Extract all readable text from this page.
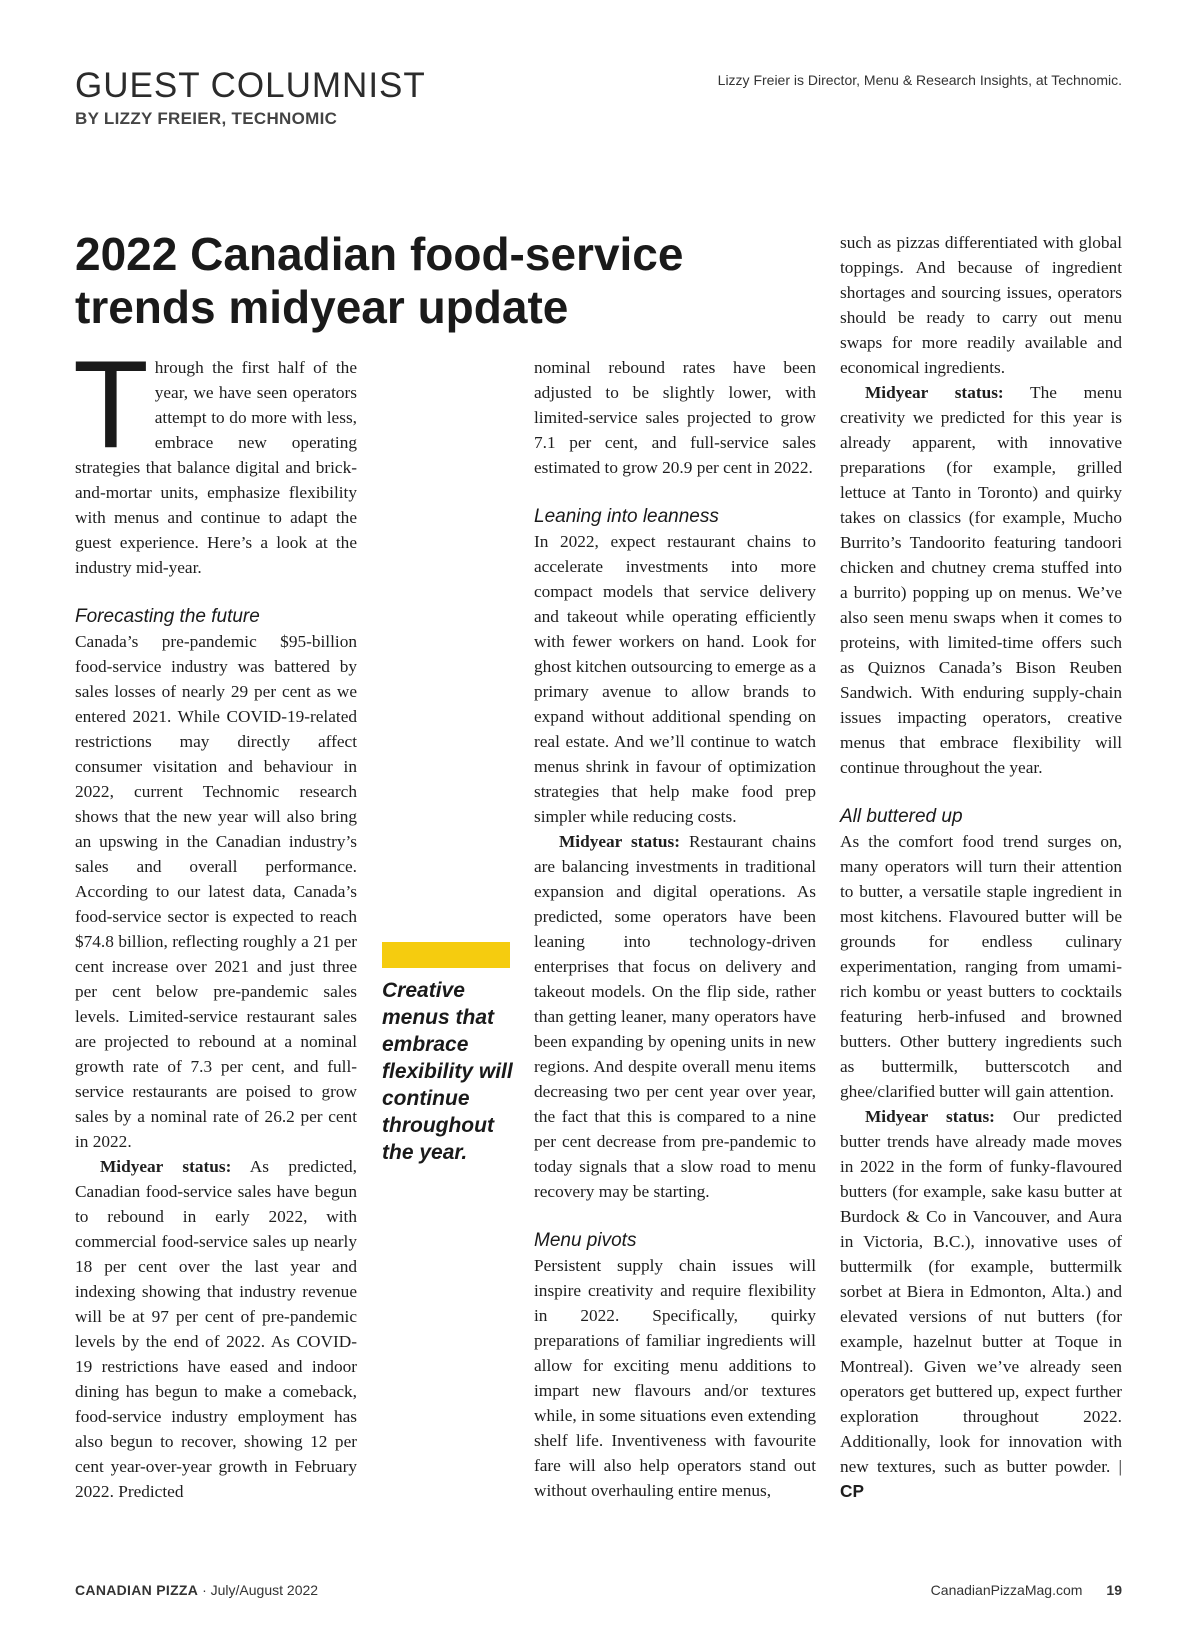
GUEST COLUMNIST
BY LIZZY FREIER, TECHNOMIC
Lizzy Freier is Director, Menu & Research Insights, at Technomic.
2022 Canadian food-service trends midyear update

Through the first half of the year, we have seen operators attempt to do more with less, embrace new operating strategies that balance digital and brick-and-mortar units, emphasize flexibility with menus and continue to adapt the guest experience. Here’s a look at the industry mid-year.

Forecasting the future

Canada’s pre-pandemic $95-billion food-service industry was battered by sales losses of nearly 29 per cent as we entered 2021. While COVID-19-related restrictions may directly affect consumer visitation and behaviour in 2022, current Technomic research shows that the new year will also bring an upswing in the Canadian industry’s sales and overall performance. According to our latest data, Canada’s food-service sector is expected to reach $74.8 billion, reflecting roughly a 21 per cent increase over 2021 and just three per cent below pre-pandemic sales levels. Limited-service restaurant sales are projected to rebound at a nominal growth rate of 7.3 per cent, and full-service restaurants are poised to grow sales by a nominal rate of 26.2 per cent in 2022.

Midyear status: As predicted, Canadian food-service sales have begun to rebound in early 2022, with commercial food-service sales up nearly 18 per cent over the last year and indexing showing that industry revenue will be at 97 per cent of pre-pandemic levels by the end of 2022. As COVID-19 restrictions have eased and indoor dining has begun to make a comeback, food-service industry employment has also begun to recover, showing 12 per cent year-over-year growth in February 2022. Predicted

Creative menus that embrace flexibility will continue throughout the year.

nominal rebound rates have been adjusted to be slightly lower, with limited-service sales projected to grow 7.1 per cent, and full-service sales estimated to grow 20.9 per cent in 2022.

Leaning into leanness

In 2022, expect restaurant chains to accelerate investments into more compact models that service delivery and takeout while operating efficiently with fewer workers on hand. Look for ghost kitchen outsourcing to emerge as a primary avenue to allow brands to expand without additional spending on real estate. And we’ll continue to watch menus shrink in favour of optimization strategies that help make food prep simpler while reducing costs.

Midyear status: Restaurant chains are balancing investments in traditional expansion and digital operations. As predicted, some operators have been leaning into technology-driven enterprises that focus on delivery and takeout models. On the flip side, rather than getting leaner, many operators have been expanding by opening units in new regions. And despite overall menu items decreasing two per cent year over year, the fact that this is compared to a nine per cent decrease from pre-pandemic to today signals that a slow road to menu recovery may be starting.

Menu pivots

Persistent supply chain issues will inspire creativity and require flexibility in 2022. Specifically, quirky preparations of familiar ingredients will allow for exciting menu additions to impart new flavours and/or textures while, in some situations even extending shelf life. Inventiveness with favourite fare will also help operators stand out without overhauling entire menus,

such as pizzas differentiated with global toppings. And because of ingredient shortages and sourcing issues, operators should be ready to carry out menu swaps for more readily available and economical ingredients.

Midyear status: The menu creativity we predicted for this year is already apparent, with innovative preparations (for example, grilled lettuce at Tanto in Toronto) and quirky takes on classics (for example, Mucho Burrito’s Tandoorito featuring tandoori chicken and chutney crema stuffed into a burrito) popping up on menus. We’ve also seen menu swaps when it comes to proteins, with limited-time offers such as Quiznos Canada’s Bison Reuben Sandwich. With enduring supply-chain issues impacting operators, creative menus that embrace flexibility will continue throughout the year.

All buttered up

As the comfort food trend surges on, many operators will turn their attention to butter, a versatile staple ingredient in most kitchens. Flavoured butter will be grounds for endless culinary experimentation, ranging from umami-rich kombu or yeast butters to cocktails featuring herb-infused and browned butters. Other buttery ingredients such as buttermilk, butterscotch and ghee/clarified butter will gain attention.

Midyear status: Our predicted butter trends have already made moves in 2022 in the form of funky-flavoured butters (for example, sake kasu butter at Burdock & Co in Vancouver, and Aura in Victoria, B.C.), innovative uses of buttermilk (for example, buttermilk sorbet at Biera in Edmonton, Alta.) and elevated versions of nut butters (for example, hazelnut butter at Toque in Montreal). Given we’ve already seen operators get buttered up, expect further exploration throughout 2022. Additionally, look for innovation with new textures, such as butter powder. | CP

CANADIAN PIZZA · July/August 2022	CanadianPizzaMag.com 19
